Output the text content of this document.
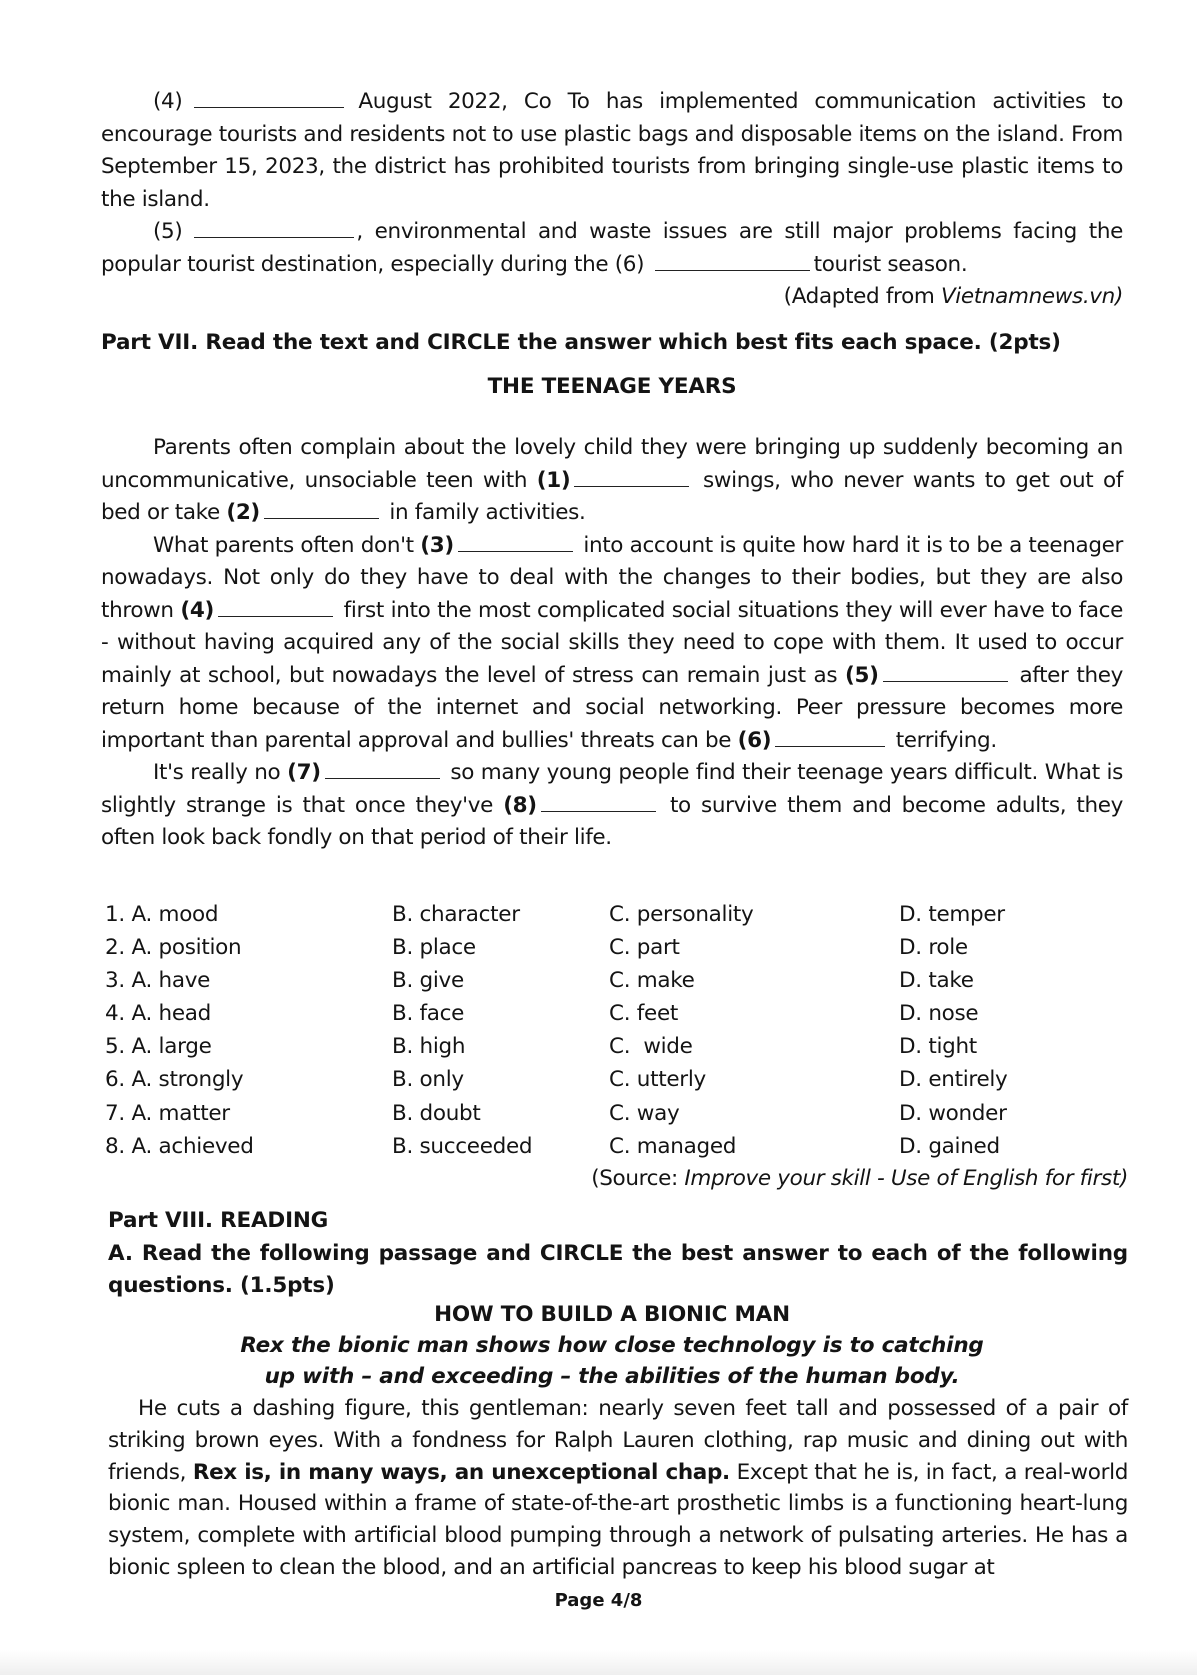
(4)	August 2022, Co To has implemented communication activities to encourage tourists and residents not to use plastic bags and disposable items on the island. From September 15, 2023, the district has prohibited tourists from bringing single-use plastic items to the island.

(5)	, environmental and waste issues are still major problems facing the popular tourist destination, especially during the (6)	tourist season.

(Adapted from Vietnamnews.vn)

Part VII. Read the text and CIRCLE the answer which best fits each space. (2pts)
THE TEENAGE YEARS

Parents often complain about the lovely child they were bringing up suddenly becoming an uncommunicative, unsociable teen with (1)	swings, who never wants to get out of bed or take (2)	in family activities.

What parents often don't (3)	into account is quite how hard it is to be a teenager nowadays. Not only do they have to deal with the changes to their bodies, but they are also thrown (4)	first into the most complicated social situations they will ever have to face - without having acquired any of the social skills they need to cope with them. It used to occur mainly at school, but nowadays the level of stress can remain just as (5)	after they return home because of the internet and social networking. Peer pressure becomes more important than parental approval and bullies' threats can be (6)	terrifying.

It's really no (7)	so many young people find their teenage years difficult. What is slightly strange is that once they've (8)	to survive them and become adults, they often look back fondly on that period of their life.

1. A. mood	B. character	C. personality	D. temper
2. A. position	B. place	C. part	D. role
3. A. have	B. give	C. make	D. take
4. A. head	B. face	C. feet	D. nose
5. A. large	B. high	C.  wide	D. tight
6. A. strongly	B. only	C. utterly	D. entirely
7. A. matter	B. doubt	C. way	D. wonder
8. A. achieved	B. succeeded	C. managed	D. gained
(Source: Improve your skill - Use of English for first)
Part VIII. READING
A. Read the following passage and CIRCLE the best answer to each of the following questions. (1.5pts)
HOW TO BUILD A BIONIC MAN
Rex the bionic man shows how close technology is to catching
up with – and exceeding – the abilities of the human body.

He cuts a dashing figure, this gentleman: nearly seven feet tall and possessed of a pair of striking brown eyes. With a fondness for Ralph Lauren clothing, rap music and dining out with friends, Rex is, in many ways, an unexceptional chap. Except that he is, in fact, a real-world bionic man. Housed within a frame of state-of-the-art prosthetic limbs is a functioning heart-lung system, complete with artificial blood pumping through a network of pulsating arteries. He has a bionic spleen to clean the blood, and an artificial pancreas to keep his blood sugar at

Page 4/8
